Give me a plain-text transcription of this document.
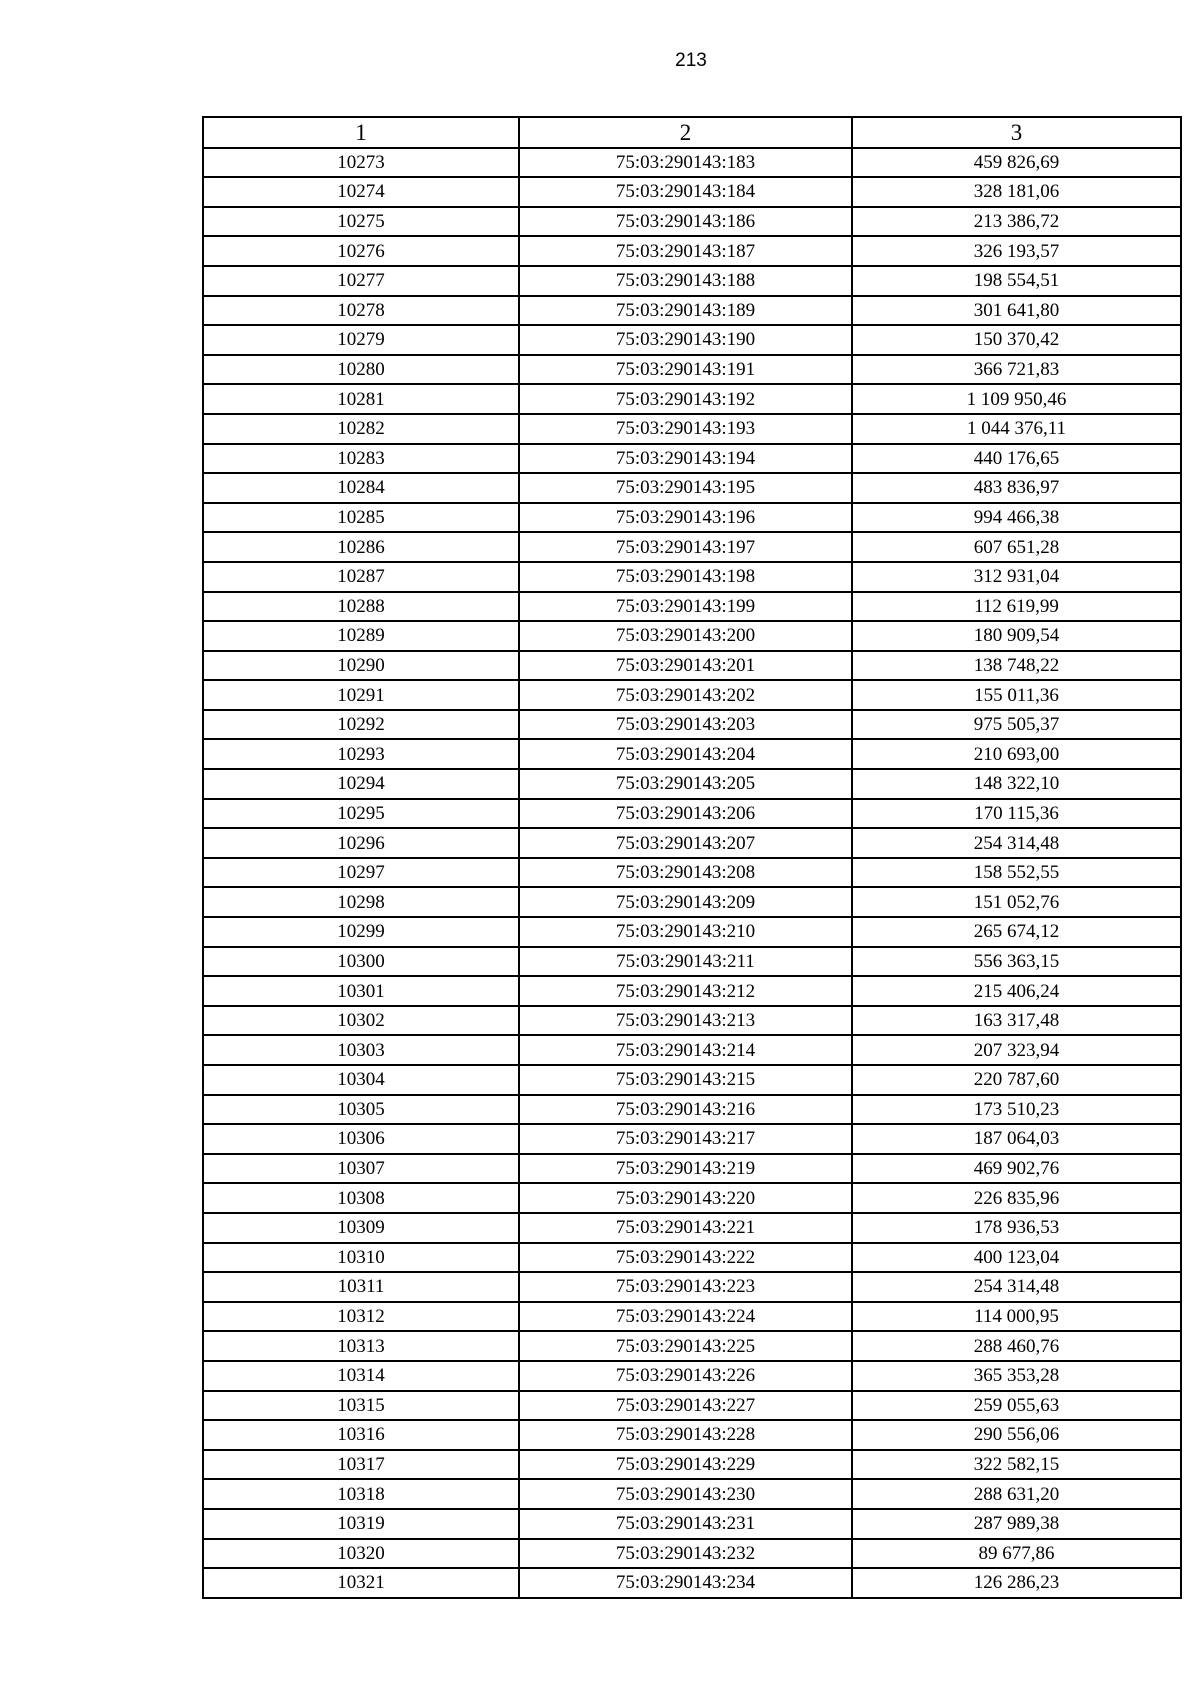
213
1	2	3
10273	75:03:290143:183	459 826,69
10274	75:03:290143:184	328 181,06
10275	75:03:290143:186	213 386,72
10276	75:03:290143:187	326 193,57
10277	75:03:290143:188	198 554,51
10278	75:03:290143:189	301 641,80
10279	75:03:290143:190	150 370,42
10280	75:03:290143:191	366 721,83
10281	75:03:290143:192	1 109 950,46
10282	75:03:290143:193	1 044 376,11
10283	75:03:290143:194	440 176,65
10284	75:03:290143:195	483 836,97
10285	75:03:290143:196	994 466,38
10286	75:03:290143:197	607 651,28
10287	75:03:290143:198	312 931,04
10288	75:03:290143:199	112 619,99
10289	75:03:290143:200	180 909,54
10290	75:03:290143:201	138 748,22
10291	75:03:290143:202	155 011,36
10292	75:03:290143:203	975 505,37
10293	75:03:290143:204	210 693,00
10294	75:03:290143:205	148 322,10
10295	75:03:290143:206	170 115,36
10296	75:03:290143:207	254 314,48
10297	75:03:290143:208	158 552,55
10298	75:03:290143:209	151 052,76
10299	75:03:290143:210	265 674,12
10300	75:03:290143:211	556 363,15
10301	75:03:290143:212	215 406,24
10302	75:03:290143:213	163 317,48
10303	75:03:290143:214	207 323,94
10304	75:03:290143:215	220 787,60
10305	75:03:290143:216	173 510,23
10306	75:03:290143:217	187 064,03
10307	75:03:290143:219	469 902,76
10308	75:03:290143:220	226 835,96
10309	75:03:290143:221	178 936,53
10310	75:03:290143:222	400 123,04
10311	75:03:290143:223	254 314,48
10312	75:03:290143:224	114 000,95
10313	75:03:290143:225	288 460,76
10314	75:03:290143:226	365 353,28
10315	75:03:290143:227	259 055,63
10316	75:03:290143:228	290 556,06
10317	75:03:290143:229	322 582,15
10318	75:03:290143:230	288 631,20
10319	75:03:290143:231	287 989,38
10320	75:03:290143:232	89 677,86
10321	75:03:290143:234	126 286,23
